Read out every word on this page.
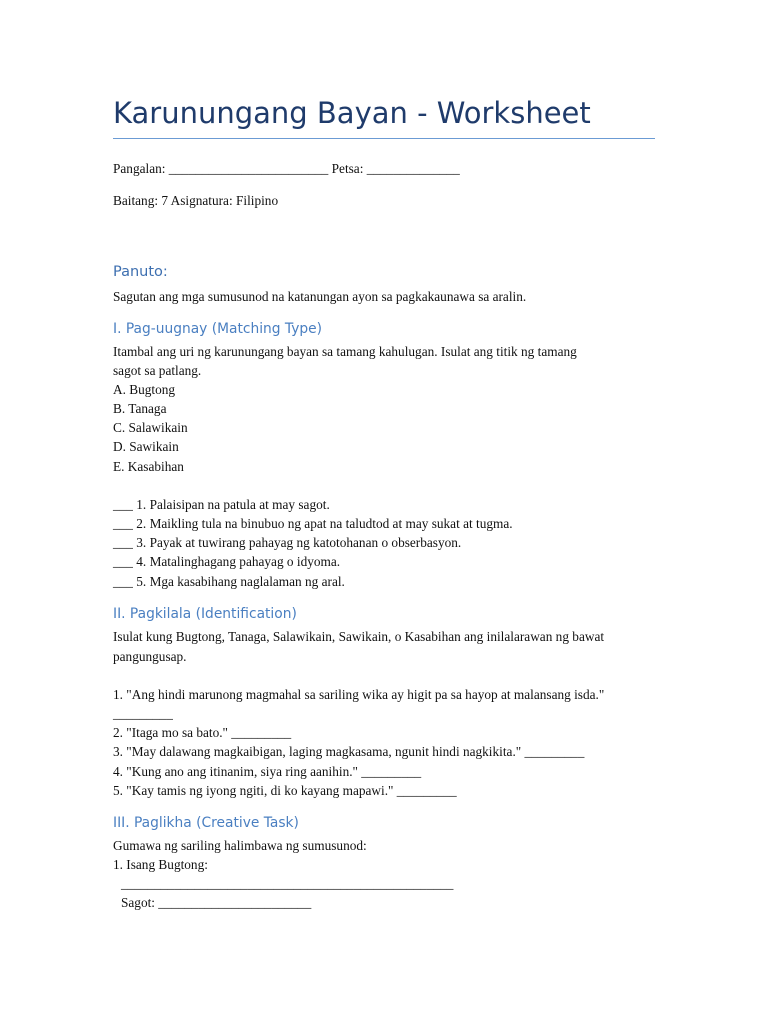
Karunungang Bayan - Worksheet

Pangalan: ________________________ Petsa: ______________

Baitang: 7 Asignatura: Filipino

Panuto:

Sagutan ang mga sumusunod na katanungan ayon sa pagkakaunawa sa aralin.

I. Pag-uugnay (Matching Type)

Itambal ang uri ng karunungang bayan sa tamang kahulugan. Isulat ang titik ng tamang

sagot sa patlang.

A. Bugtong

B. Tanaga

C. Salawikain

D. Sawikain

E. Kasabihan

___ 1. Palaisipan na patula at may sagot.

___ 2. Maikling tula na binubuo ng apat na taludtod at may sukat at tugma.

___ 3. Payak at tuwirang pahayag ng katotohanan o obserbasyon.

___ 4. Matalinghagang pahayag o idyoma.

___ 5. Mga kasabihang naglalaman ng aral.

II. Pagkilala (Identification)

Isulat kung Bugtong, Tanaga, Salawikain, Sawikain, o Kasabihan ang inilalarawan ng bawat

pangungusap.

1. "Ang hindi marunong magmahal sa sariling wika ay higit pa sa hayop at malansang isda."

_________

2. "Itaga mo sa bato." _________

3. "May dalawang magkaibigan, laging magkasama, ngunit hindi nagkikita." _________

4. "Kung ano ang itinanim, siya ring aanihin." _________

5. "Kay tamis ng iyong ngiti, di ko kayang mapawi." _________

III. Paglikha (Creative Task)

Gumawa ng sariling halimbawa ng sumusunod:

1. Isang Bugtong:

__________________________________________________

Sagot: _______________________
